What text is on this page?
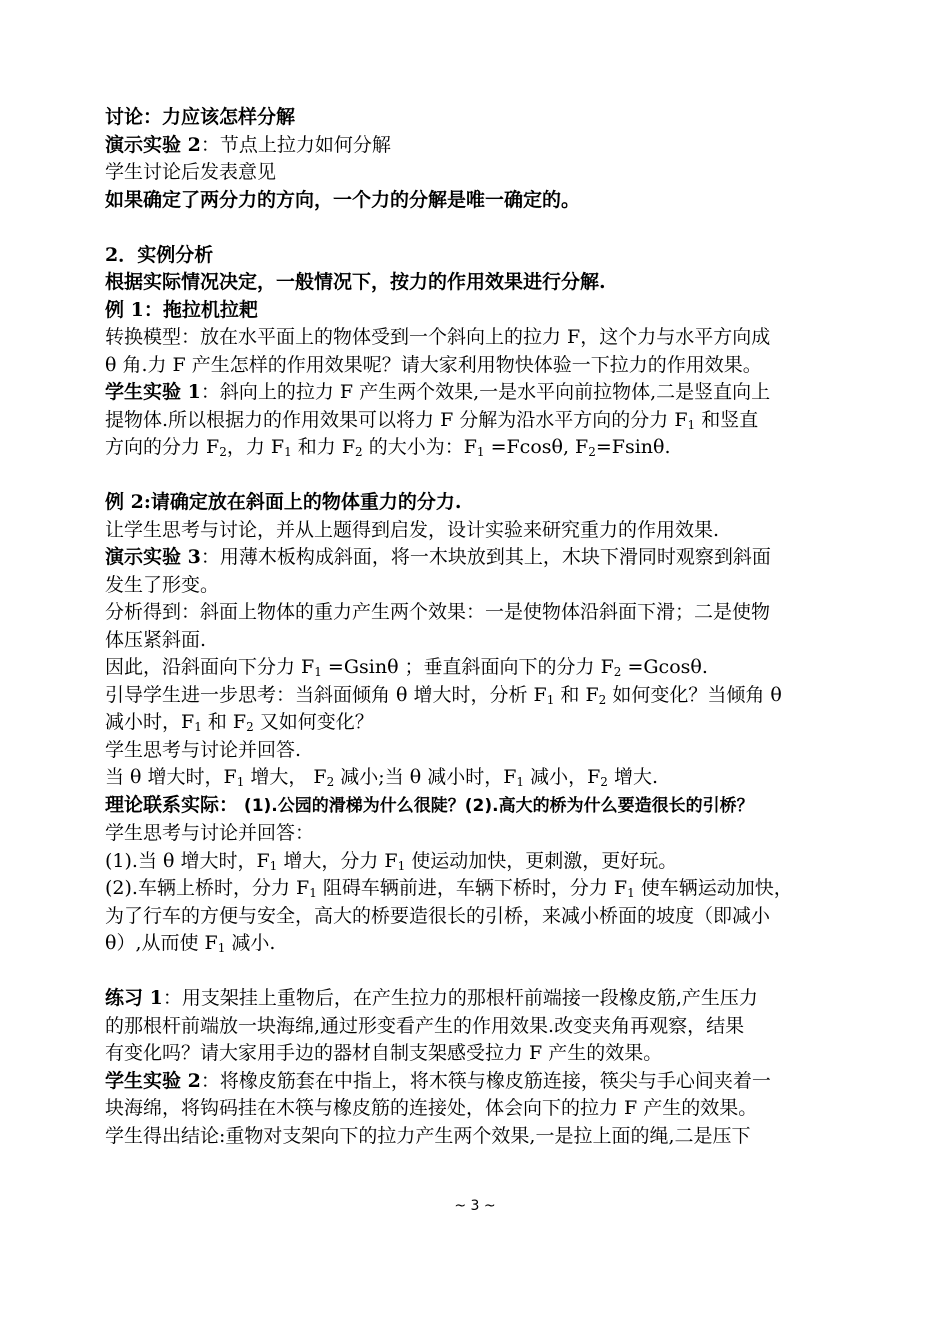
讨论：力应该怎样分解
演示实验 2：节点上拉力如何分解
学生讨论后发表意见
如果确定了两分力的方向，一个力的分解是唯一确定的。
2．实例分析
根据实际情况决定，一般情况下，按力的作用效果进行分解.
例 1：拖拉机拉耙
转换模型：放在水平面上的物体受到一个斜向上的拉力 F，这个力与水平方向成
θ 角.力 F 产生怎样的作用效果呢？请大家利用物快体验一下拉力的作用效果。
学生实验 1：斜向上的拉力 F 产生两个效果,一是水平向前拉物体,二是竖直向上
提物体.所以根据力的作用效果可以将力 F 分解为沿水平方向的分力 $F_1$ 和竖直
方向的分力 $F_2$，力 $F_1$ 和力 $F_2$ 的大小为：$F_1 =Fcos\theta$, $F_2=Fsin\theta$.
例 2:请确定放在斜面上的物体重力的分力.
让学生思考与讨论，并从上题得到启发，设计实验来研究重力的作用效果.
演示实验 3：用薄木板构成斜面，将一木块放到其上，木块下滑同时观察到斜面
发生了形变。
分析得到：斜面上物体的重力产生两个效果：一是使物体沿斜面下滑；二是使物
体压紧斜面.
因此，沿斜面向下分力 $F_1 =Gsin\theta$ ；垂直斜面向下的分力 $F_2 =Gcos\theta$.
引导学生进一步思考：当斜面倾角 θ 增大时，分析 $F_1$ 和 $F_2$ 如何变化？当倾角 θ
减小时，$F_1$ 和 $F_2$ 又如何变化？
学生思考与讨论并回答.
当 θ 增大时，$F_1$ 增大， $F_2$ 减小;当 θ 减小时，$F_1$ 减小，$F_2$ 增大.
理论联系实际： (1).公园的滑梯为什么很陡？(2).高大的桥为什么要造很长的引桥？
学生思考与讨论并回答：
(1).当 θ 增大时，$F_1$ 增大，分力 $F_1$ 使运动加快，更刺激，更好玩。
(2).车辆上桥时，分力 $F_1$ 阻碍车辆前进，车辆下桥时，分力 $F_1$ 使车辆运动加快，
为了行车的方便与安全，高大的桥要造很长的引桥，来减小桥面的坡度（即减小
θ）,从而使 $F_1$ 减小.
练习 1：用支架挂上重物后，在产生拉力的那根杆前端接一段橡皮筋,产生压力
的那根杆前端放一块海绵,通过形变看产生的作用效果.改变夹角再观察，结果
有变化吗？请大家用手边的器材自制支架感受拉力 F 产生的效果。
学生实验 2：将橡皮筋套在中指上，将木筷与橡皮筋连接，筷尖与手心间夹着一
块海绵，将钩码挂在木筷与橡皮筋的连接处，体会向下的拉力 F 产生的效果。
学生得出结论:重物对支架向下的拉力产生两个效果,一是拉上面的绳,二是压下
~ 3 ~
